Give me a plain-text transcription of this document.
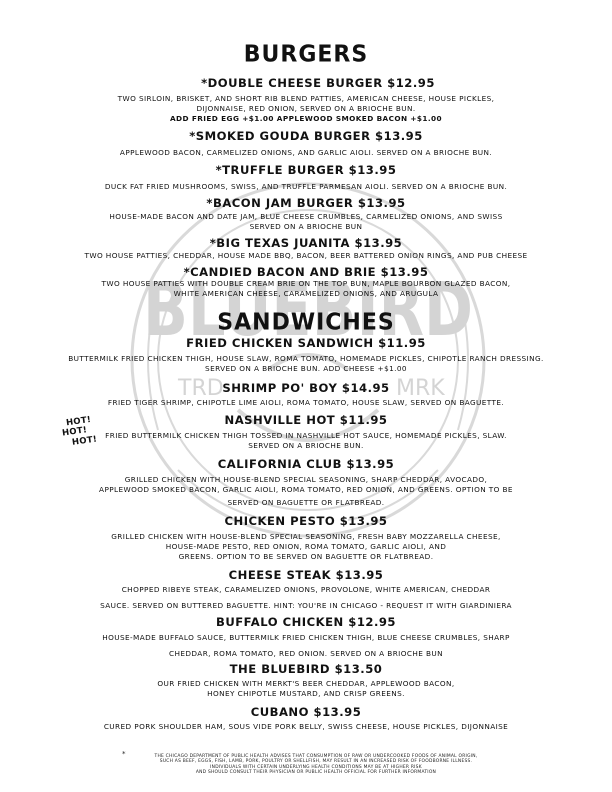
BLUEBIRD
TRD	MRK
BURGERS
*DOUBLE CHEESE BURGER $12.95
TWO SIRLOIN, BRISKET, AND SHORT RIB BLEND PATTIES, AMERICAN CHEESE, HOUSE PICKLES,
DIJONNAISE, RED ONION, SERVED ON A BRIOCHE BUN.
ADD FRIED EGG +$1.00 APPLEWOOD SMOKED BACON +$1.00
*SMOKED GOUDA BURGER $13.95
APPLEWOOD BACON, CARMELIZED ONIONS, AND GARLIC AIOLI. SERVED ON A BRIOCHE BUN.
*TRUFFLE BURGER $13.95
DUCK FAT FRIED MUSHROOMS, SWISS, AND TRUFFLE PARMESAN AIOLI. SERVED ON A BRIOCHE BUN.
*BACON JAM BURGER $13.95
HOUSE-MADE BACON AND DATE JAM, BLUE CHEESE CRUMBLES, CARMELIZED ONIONS, AND SWISS
SERVED ON A BRIOCHE BUN
*BIG TEXAS JUANITA $13.95
TWO HOUSE PATTIES, CHEDDAR, HOUSE MADE BBQ, BACON, BEER BATTERED ONION RINGS, AND PUB CHEESE
*CANDIED BACON AND BRIE $13.95
TWO HOUSE PATTIES WITH DOUBLE CREAM BRIE ON THE TOP BUN, MAPLE BOURBON GLAZED BACON,
WHITE AMERICAN CHEESE, CARAMELIZED ONIONS, AND ARUGULA
SANDWICHES
FRIED CHICKEN SANDWICH $11.95
BUTTERMILK FRIED CHICKEN THIGH, HOUSE SLAW, ROMA TOMATO, HOMEMADE PICKLES, CHIPOTLE RANCH DRESSING.
SERVED ON A BRIOCHE BUN. ADD CHEESE +$1.00
SHRIMP PO' BOY $14.95
FRIED TIGER SHRIMP, CHIPOTLE LIME AIOLI, ROMA TOMATO, HOUSE SLAW, SERVED ON BAGUETTE.
HOT!
HOT!
HOT!
NASHVILLE HOT $11.95
FRIED BUTTERMILK CHICKEN THIGH TOSSED IN NASHVILLE HOT SAUCE, HOMEMADE PICKLES, SLAW.
SERVED ON A BRIOCHE BUN.
CALIFORNIA CLUB $13.95
GRILLED CHICKEN WITH HOUSE-BLEND SPECIAL SEASONING, SHARP CHEDDAR, AVOCADO,
APPLEWOOD SMOKED BACON, GARLIC AIOLI, ROMA TOMATO, RED ONION, AND GREENS. OPTION TO BE
SERVED ON BAGUETTE OR FLATBREAD.
CHICKEN PESTO $13.95
GRILLED CHICKEN WITH HOUSE-BLEND SPECIAL SEASONING, FRESH BABY MOZZARELLA CHEESE,
HOUSE-MADE PESTO, RED ONION, ROMA TOMATO, GARLIC AIOLI, AND
GREENS. OPTION TO BE SERVED ON BAGUETTE OR FLATBREAD.
CHEESE STEAK $13.95
CHOPPED RIBEYE STEAK, CARAMELIZED ONIONS, PROVOLONE, WHITE AMERICAN, CHEDDAR
SAUCE. SERVED ON BUTTERED BAGUETTE. HINT: YOU'RE IN CHICAGO - REQUEST IT WITH GIARDINIERA
BUFFALO CHICKEN $12.95
HOUSE-MADE BUFFALO SAUCE, BUTTERMILK FRIED CHICKEN THIGH, BLUE CHEESE CRUMBLES, SHARP
CHEDDAR, ROMA TOMATO, RED ONION. SERVED ON A BRIOCHE BUN
THE BLUEBIRD $13.50
OUR FRIED CHICKEN WITH MERKT'S BEER CHEDDAR, APPLEWOOD BACON,
HONEY CHIPOTLE MUSTARD, AND CRISP GREENS.
CUBANO $13.95
CURED PORK SHOULDER HAM, SOUS VIDE PORK BELLY, SWISS CHEESE, HOUSE PICKLES, DIJONNAISE
*	THE CHICAGO DEPARTMENT OF PUBLIC HEALTH ADVISES THAT CONSUMPTION OF RAW OR UNDERCOOKED FOODS OF ANIMAL ORIGIN,
SUCH AS BEEF, EGGS, FISH, LAMB, PORK, POULTRY OR SHELLFISH, MAY RESULT IN AN INCREASED RISK OF FOODBORNE ILLNESS.
INDIVIDUALS WITH CERTAIN UNDERLYING HEALTH CONDITIONS MAY BE AT HIGHER RISK
AND SHOULD CONSULT THEIR PHYSICIAN OR PUBLIC HEALTH OFFICIAL FOR FURTHER INFORMATION
